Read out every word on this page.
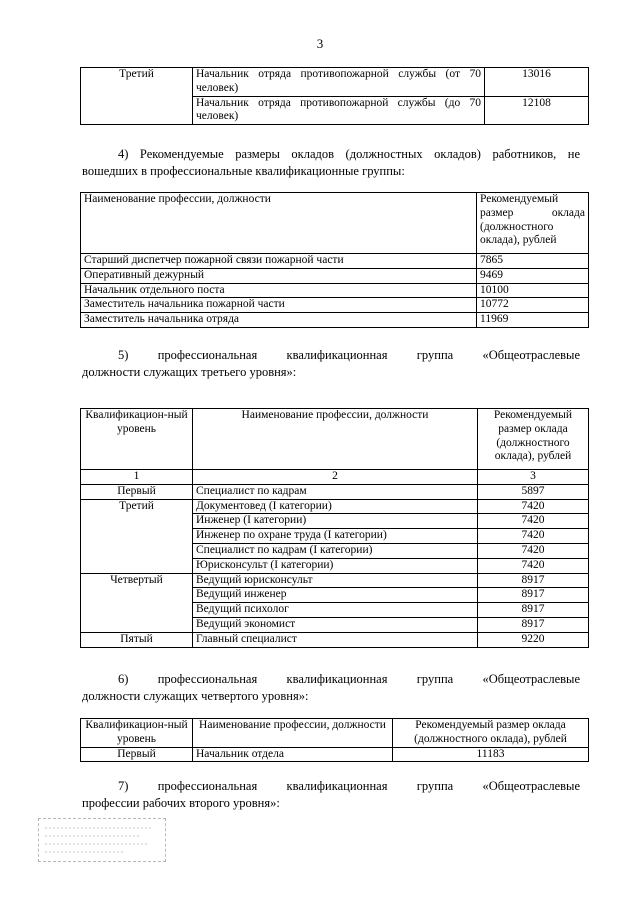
3
Третий	Начальник отряда противопожарной службы (от 70 человек)	13016
	Начальник отряда противопожарной службы (до 70 человек)	12108
4) Рекомендуемые размеры окладов (должностных окладов) работников, не
вошедших в профессиональные квалификационные группы:
Наименование профессии, должности	Рекомендуемый размер оклада (должностного оклада), рублей
Старший диспетчер пожарной связи пожарной части	7865
Оперативный дежурный	9469
Начальник отдельного поста	10100
Заместитель начальника пожарной части	10772
Заместитель начальника отряда	11969
5) профессиональная квалификационная группа «Общеотраслевые
должности служащих третьего уровня»:
Квалификацион-ный уровень	Наименование профессии, должности	Рекомендуемый размер оклада (должностного оклада), рублей
1	2	3
Первый	Специалист по кадрам	5897
Третий	Документовед (I категории)	7420
	Инженер (I категории)	7420
	Инженер по охране труда (I категории)	7420
	Специалист по кадрам (I категории)	7420
	Юрисконсульт (I категории)	7420
Четвертый	Ведущий юрисконсульт	8917
	Ведущий инженер	8917
	Ведущий психолог	8917
	Ведущий экономист	8917
Пятый	Главный специалист	9220
6) профессиональная квалификационная группа «Общеотраслевые
должности служащих четвертого уровня»:
Квалификацион-ный уровень	Наименование профессии, должности	Рекомендуемый размер оклада (должностного оклада), рублей
Первый	Начальник отдела	11183
7) профессиональная квалификационная группа «Общеотраслевые
профессии рабочих второго уровня»:
